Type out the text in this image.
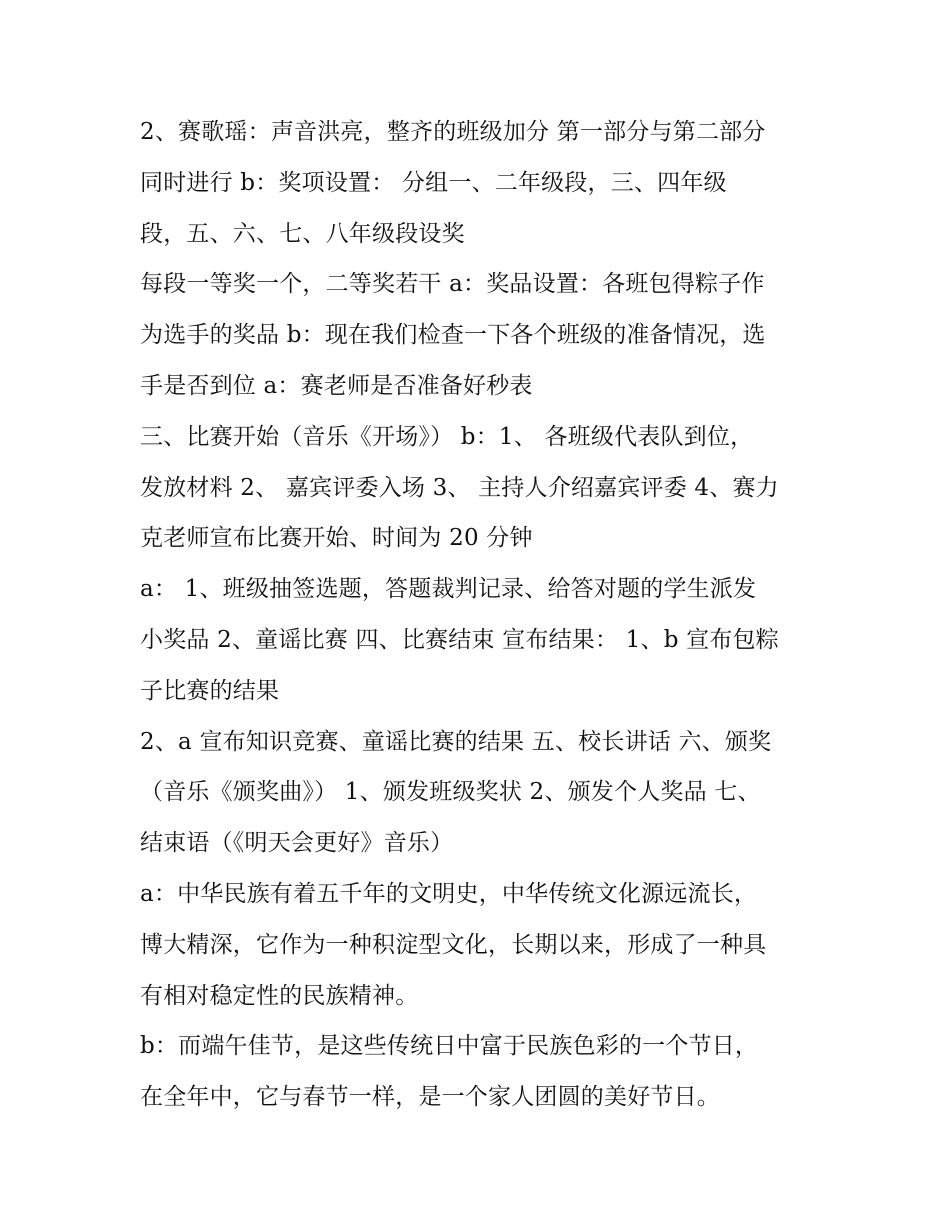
2、赛歌瑶：声音洪亮，整齐的班级加分 第一部分与第二部分
同时进行 b：奖项设置： 分组一、二年级段，三、四年级
段，五、六、七、八年级段设奖
每段一等奖一个，二等奖若干 a：奖品设置：各班包得粽子作
为选手的奖品 b：现在我们检查一下各个班级的准备情况，选
手是否到位 a：赛老师是否准备好秒表
三、比赛开始（音乐《开场》） b：1、 各班级代表队到位，
发放材料 2、 嘉宾评委入场 3、 主持人介绍嘉宾评委 4、赛力
克老师宣布比赛开始、时间为 20 分钟
a： 1、班级抽签选题，答题裁判记录、给答对题的学生派发
小奖品 2、童谣比赛 四、比赛结束 宣布结果： 1、b 宣布包粽
子比赛的结果
2、a 宣布知识竞赛、童谣比赛的结果 五、校长讲话 六、颁奖
（音乐《颁奖曲》） 1、颁发班级奖状 2、颁发个人奖品 七、
结束语（《明天会更好》音乐）
a：中华民族有着五千年的文明史，中华传统文化源远流长，
博大精深，它作为一种积淀型文化，长期以来，形成了一种具
有相对稳定性的民族精神。
b：而端午佳节，是这些传统日中富于民族色彩的一个节日，
在全年中，它与春节一样，是一个家人团圆的美好节日。
